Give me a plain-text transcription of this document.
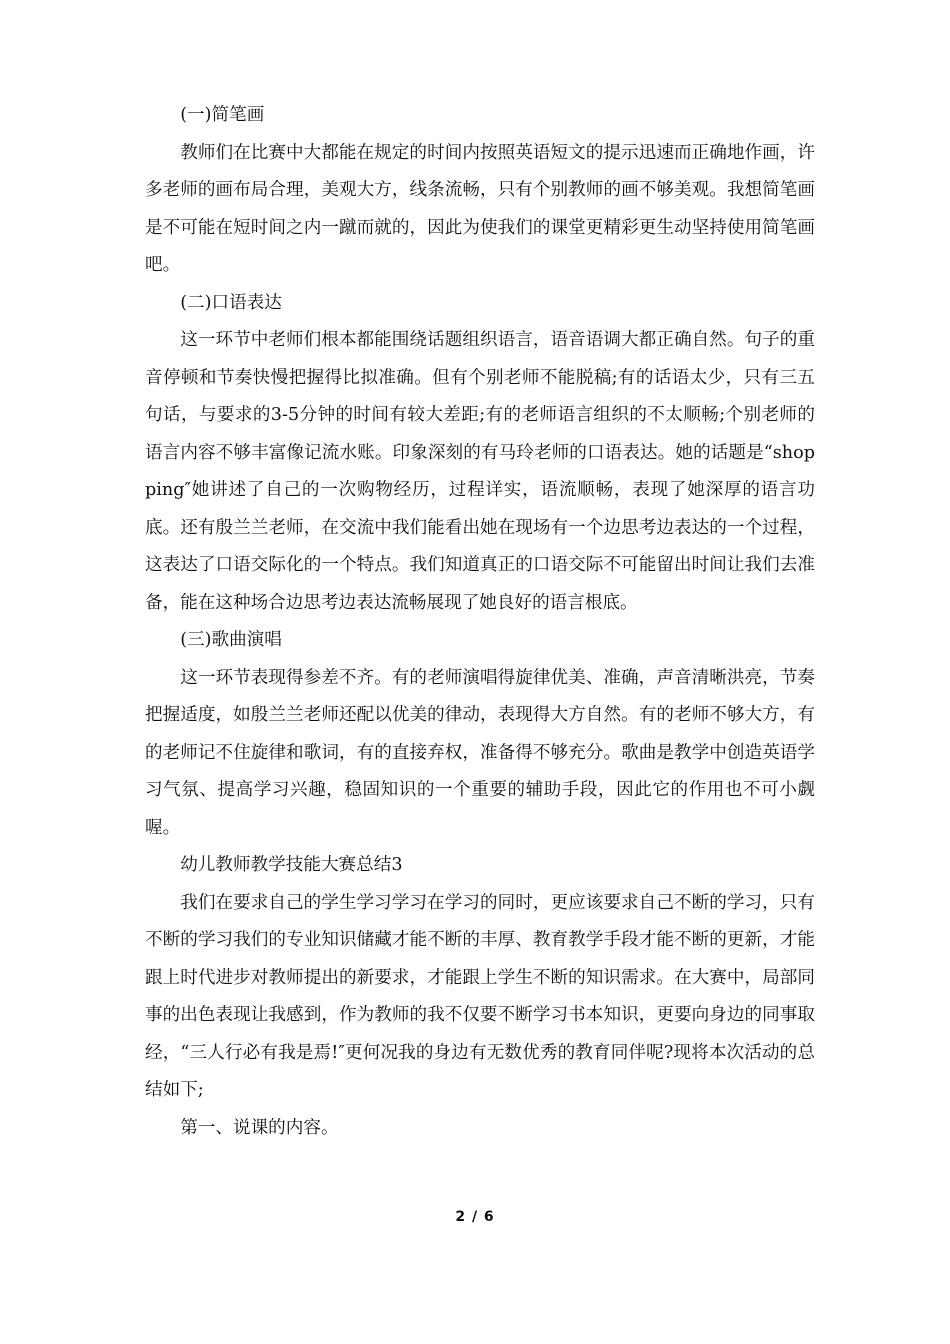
(一)简笔画

教师们在比赛中大都能在规定的时间内按照英语短文的提示迅速而正确地作画，许多老师的画布局合理，美观大方，线条流畅，只有个别教师的画不够美观。我想简笔画是不可能在短时间之内一蹴而就的，因此为使我们的课堂更精彩更生动坚持使用简笔画吧。

(二)口语表达

这一环节中老师们根本都能围绕话题组织语言，语音语调大都正确自然。句子的重音停顿和节奏快慢把握得比拟准确。但有个别老师不能脱稿;有的话语太少，只有三五句话，与要求的3-5分钟的时间有较大差距;有的老师语言组织的不太顺畅;个别老师的语言内容不够丰富像记流水账。印象深刻的有马玲老师的口语表达。她的话题是“shopping″她讲述了自己的一次购物经历，过程详实，语流顺畅，表现了她深厚的语言功底。还有殷兰兰老师，在交流中我们能看出她在现场有一个边思考边表达的一个过程，这表达了口语交际化的一个特点。我们知道真正的口语交际不可能留出时间让我们去准备，能在这种场合边思考边表达流畅展现了她良好的语言根底。

(三)歌曲演唱

这一环节表现得参差不齐。有的老师演唱得旋律优美、准确，声音清晰洪亮，节奏把握适度，如殷兰兰老师还配以优美的律动，表现得大方自然。有的老师不够大方，有的老师记不住旋律和歌词，有的直接弃权，准备得不够充分。歌曲是教学中创造英语学习气氛、提高学习兴趣，稳固知识的一个重要的辅助手段，因此它的作用也不可小觑喔。

幼儿教师教学技能大赛总结3

我们在要求自己的学生学习学习在学习的同时，更应该要求自己不断的学习，只有不断的学习我们的专业知识储藏才能不断的丰厚、教育教学手段才能不断的更新，才能跟上时代进步对教师提出的新要求，才能跟上学生不断的知识需求。在大赛中，局部同事的出色表现让我感到，作为教师的我不仅要不断学习书本知识，更要向身边的同事取经，“三人行必有我是焉!″更何况我的身边有无数优秀的教育同伴呢?现将本次活动的总结如下;

第一、说课的内容。

2 / 6
